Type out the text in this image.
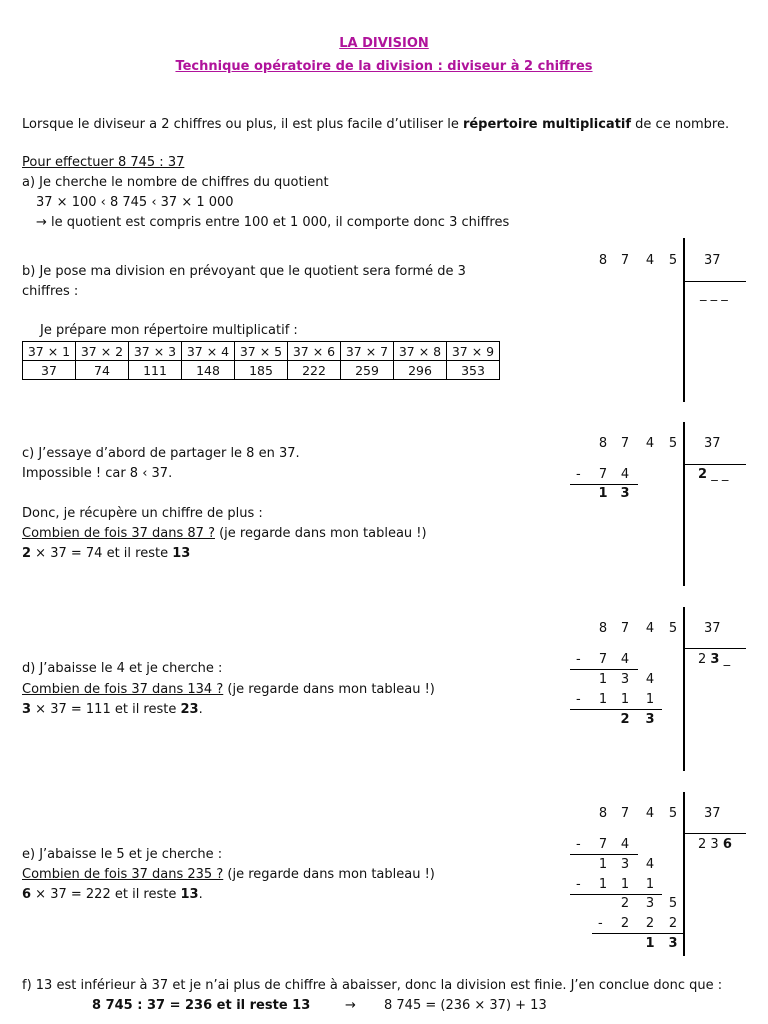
LA DIVISION
Technique opératoire de la division : diviseur à 2 chiffres
Lorsque le diviseur a 2 chiffres ou plus, il est plus facile d’utiliser le répertoire multiplicatif de ce nombre.
Pour effectuer 8 745 : 37
a) Je cherche le nombre de chiffres du quotient
37 × 100 ‹ 8 745 ‹ 37 × 1 000
→ le quotient est compris entre 100 et 1 000, il comporte donc 3 chiffres
b) Je pose ma division en prévoyant que le quotient sera formé de 3
chiffres :
Je prépare mon répertoire multiplicatif :
37 × 1	37 × 2	37 × 3	37 × 4	37 × 5	37 × 6	37 × 7	37 × 8	37 × 9
37	74	111	148	185	222	259	296	353
8 7 4 5 37
_ _ _
c) J’essaye d’abord de partager le 8 en 37.
Impossible ! car 8 ‹ 37.
Donc, je récupère un chiffre de plus :
Combien de fois 37 dans 87 ? (je regarde dans mon tableau !)
2 × 37 = 74 et il reste 13
8 7 4 5 37
2 _ _
- 7 4
1 3
d) J’abaisse le 4 et je cherche :
Combien de fois 37 dans 134 ? (je regarde dans mon tableau !)
3 × 37 = 111 et il reste 23.
8 7 4 5 37
2 3 _
- 7 4
1 3 4
- 1 1 1
2 3
e) J’abaisse le 5 et je cherche :
Combien de fois 37 dans 235 ? (je regarde dans mon tableau !)
6 × 37 = 222 et il reste 13.
8 7 4 5 37
2 3 6
- 7 4
1 3 4
- 1 1 1
2 3 5
- 2 2 2
1 3
f) 13 est inférieur à 37 et je n’ai plus de chiffre à abaisser, donc la division est finie. J’en conclue donc que :
8 745 : 37 = 236 et il reste 13	→ 8 745 = (236 × 37) + 13
